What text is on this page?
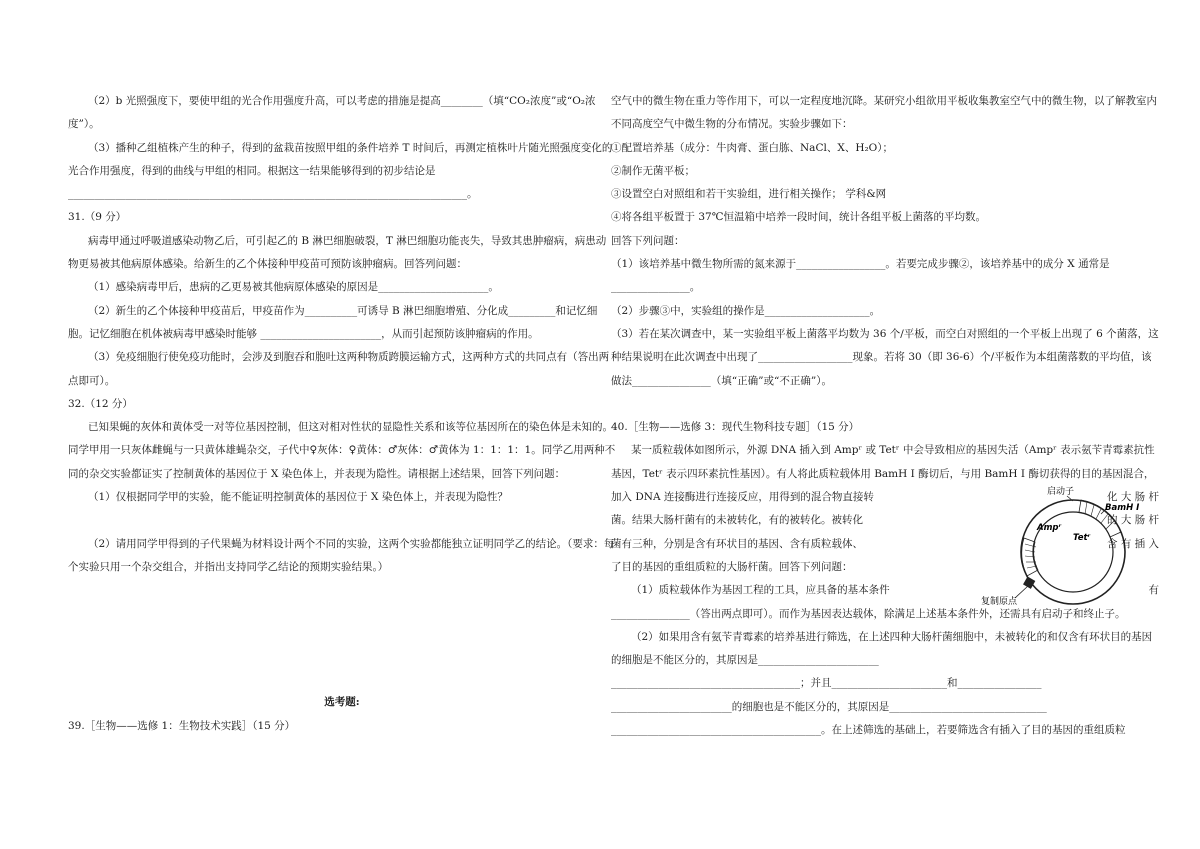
（2）b 光照强度下，要使甲组的光合作用强度升高，可以考虑的措施是提高________（填“CO₂浓度”或“O₂浓度”）。

（3）播种乙组植株产生的种子，得到的盆栽苗按照甲组的条件培养 T 时间后，再测定植株叶片随光照强度变化的光合作用强度，得到的曲线与甲组的相同。根据这一结果能够得到的初步结论是____________________________________________________________________________。

31.（9 分）

病毒甲通过呼吸道感染动物乙后，可引起乙的 B 淋巴细胞破裂，T 淋巴细胞功能丧失，导致其患肿瘤病，病患动物更易被其他病原体感染。给新生的乙个体接种甲疫苗可预防该肿瘤病。回答列问题：

（1）感染病毒甲后，患病的乙更易被其他病原体感染的原因是_____________________。

（2）新生的乙个体接种甲疫苗后，甲疫苗作为__________可诱导 B 淋巴细胞增殖、分化成_________和记忆细胞。记忆细胞在机体被病毒甲感染时能够 _______________________，从而引起预防该肿瘤病的作用。

（3）免疫细胞行使免疫功能时，会涉及到胞吞和胞吐这两种物质跨膜运输方式，这两种方式的共同点有（答出两点即可）。

32.（12 分）

已知果蝇的灰体和黄体受一对等位基因控制，但这对相对性状的显隐性关系和该等位基因所在的染色体是未知的。同学甲用一只灰体雌蝇与一只黄体雄蝇杂交，子代中♀灰体：♀黄体：♂灰体：♂黄体为 1：1：1：1。同学乙用两种不同的杂交实验都证实了控制黄体的基因位于 X 染色体上，并表现为隐性。请根据上述结果，回答下列问题：

（1）仅根据同学甲的实验，能不能证明控制黄体的基因位于 X 染色体上，并表现为隐性？

（2）请用同学甲得到的子代果蝇为材料设计两个不同的实验，这两个实验都能独立证明同学乙的结论。（要求：每个实验只用一个杂交组合，并指出支持同学乙结论的预期实验结果。）

选考题:

39.［生物——选修 1：生物技术实践］（15 分）

空气中的微生物在重力等作用下，可以一定程度地沉降。某研究小组欲用平板收集教室空气中的微生物，以了解教室内不同高度空气中微生物的分布情况。实验步骤如下：

①配置培养基（成分：牛肉膏、蛋白胨、NaCl、X、H₂O）；

②制作无菌平板；

③设置空白对照组和若干实验组，进行相关操作； 学科&网

④将各组平板置于 37℃恒温箱中培养一段时间，统计各组平板上菌落的平均数。

回答下列问题：

（1）该培养基中微生物所需的氮来源于_________________。若要完成步骤②，该培养基中的成分 X 通常是_______________。

（2）步骤③中，实验组的操作是____________________。

（3）若在某次调查中，某一实验组平板上菌落平均数为 36 个/平板，而空白对照组的一个平板上出现了 6 个菌落，这种结果说明在此次调查中出现了__________________现象。若将 30（即 36-6）个/平板作为本组菌落数的平均值，该做法_______________（填“正确”或“不正确”）。

40.［生物——选修 3：现代生物科技专题］（15 分）

某一质粒载体如图所示，外源 DNA 插入到 Ampʳ 或 Tetʳ 中会导致相应的基因失活（Ampʳ 表示氨苄青霉素抗性基因，Tetʳ 表示四环素抗性基因）。有人将此质粒载体用 BamH I 酶切后，与用 BamH I 酶切获得的目的基因混合，

启动子
BamH I
Ampʳ
Tetʳ
复制原点

加入 DNA 连接酶进行连接反应，用得到的混合物直接转	化 大 肠 杆

菌。结果大肠杆菌有的未被转化，有的被转化。被转化	的 大 肠 杆

菌有三种，分别是含有环状目的基因、含有质粒载体、	含 有 插 入

了目的基因的重组质粒的大肠杆菌。回答下列问题：

（1）质粒载体作为基因工程的工具，应具备的基本条件	有

_______________（答出两点即可）。而作为基因表达载体，除满足上述基本条件外，还需具有启动子和终止子。

（2）如果用含有氨苄青霉素的培养基进行筛选，在上述四种大肠杆菌细胞中，未被转化的和仅含有环状目的基因的细胞是不能区分的，其原因是_______________________

____________________________________；并且______________________和________________

_______________________的细胞也是不能区分的，其原因是______________________________

________________________________________。在上述筛选的基础上，若要筛选含有插入了目的基因的重组质粒
